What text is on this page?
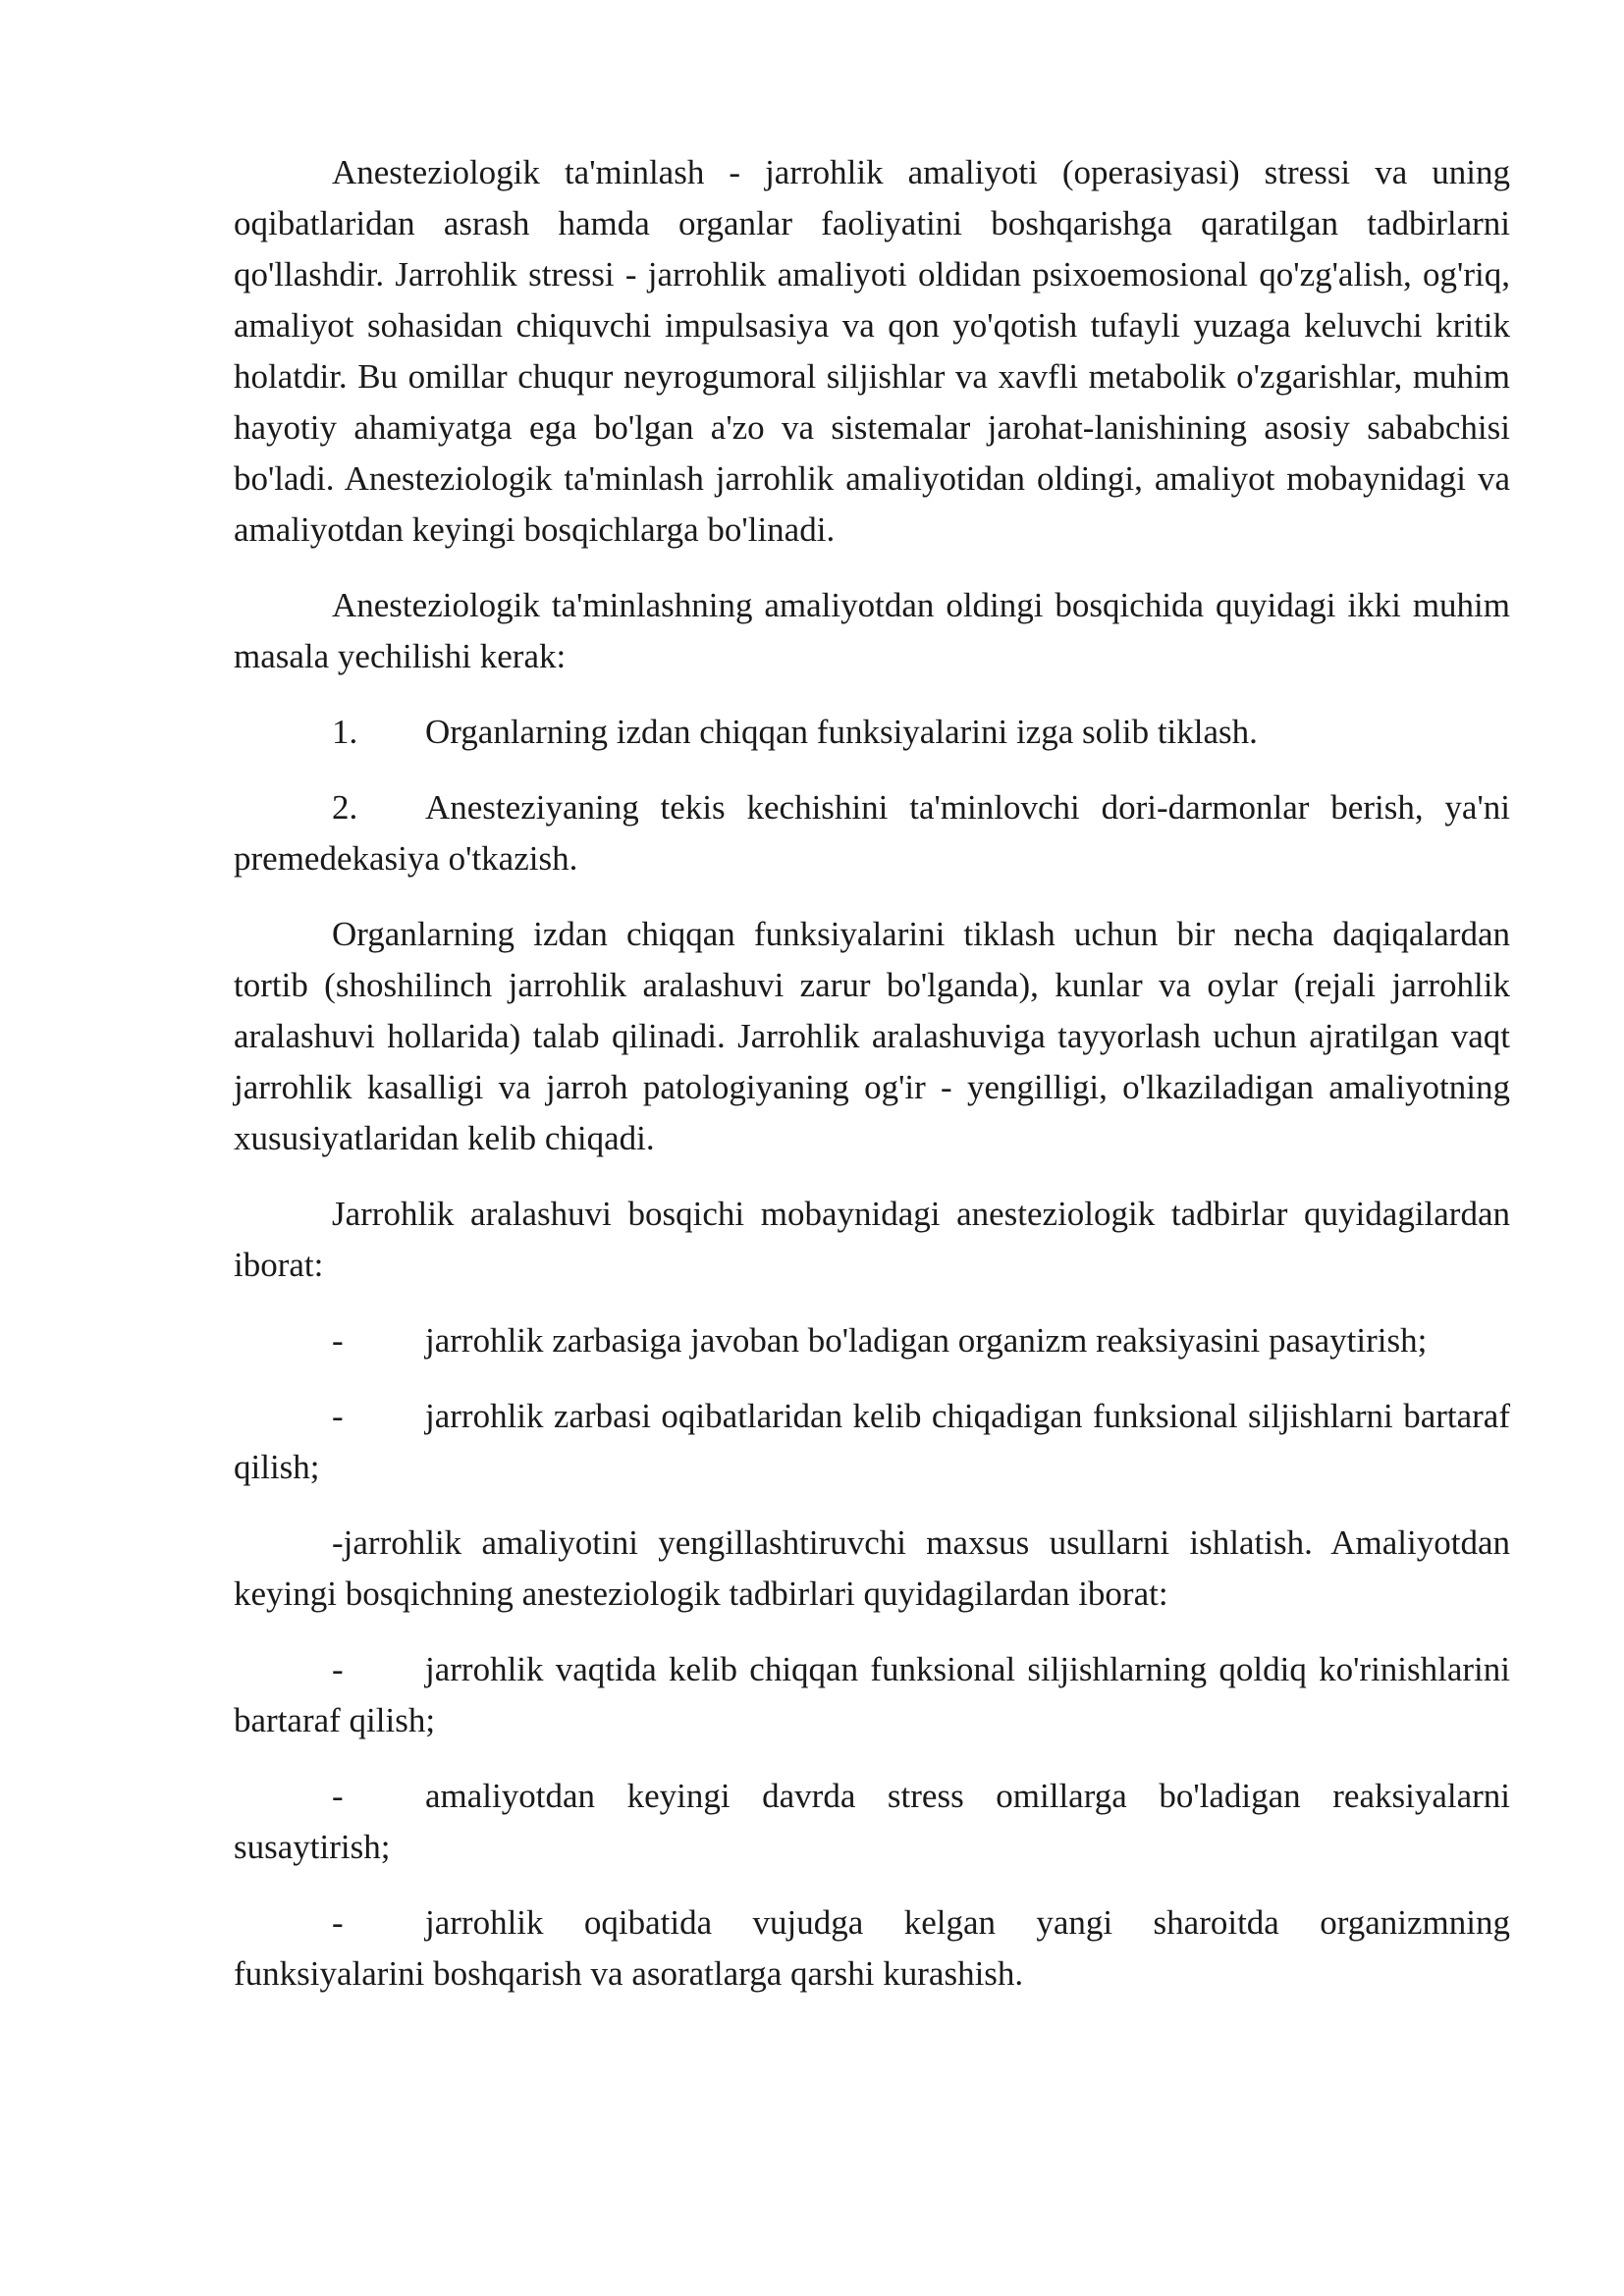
Anesteziologik ta'minlash - jarrohlik amaliyoti (operasiyasi) stressi va uning oqibatlaridan asrash hamda organlar faoliyatini boshqarishga qaratilgan tadbirlarni qo'llashdir. Jarrohlik stressi - jarrohlik amaliyoti oldidan psixoemosional qo'zg'alish, og'riq, amaliyot sohasidan chiquvchi impulsasiya va qon yo'qotish tufayli yuzaga keluvchi kritik holatdir. Bu omillar chuqur neyrogumoral siljishlar va xavfli metabolik o'zgarishlar, muhim hayotiy ahamiyatga ega bo'lgan a'zo va sistemalar jarohat-lanishining asosiy sababchisi bo'ladi. Anesteziologik ta'minlash jarrohlik amaliyotidan oldingi, amaliyot mobaynidagi va amaliyotdan keyingi bosqichlarga bo'linadi.

Anesteziologik ta'minlashning amaliyotdan oldingi bosqichida quyidagi ikki muhim masala yechilishi kerak:

1. Organlarning izdan chiqqan funksiyalarini izga solib tiklash.

2. Anesteziyaning tekis kechishini ta'minlovchi dori-darmonlar berish, ya'ni premedekasiya o'tkazish.

Organlarning izdan chiqqan funksiyalarini tiklash uchun bir necha daqiqalardan tortib (shoshilinch jarrohlik aralashuvi zarur bo'lganda), kunlar va oylar (rejali jarrohlik aralashuvi hollarida) talab qilinadi. Jarrohlik aralashuviga tayyorlash uchun ajratilgan vaqt jarrohlik kasalligi va jarroh patologiyaning og'ir - yengilligi, o'lkaziladigan amaliyotning xususiyatlaridan kelib chiqadi.

Jarrohlik aralashuvi bosqichi mobaynidagi anesteziologik tadbirlar quyidagilardan iborat:

- jarrohlik zarbasiga javoban bo'ladigan organizm reaksiyasini pasaytirish;

- jarrohlik zarbasi oqibatlaridan kelib chiqadigan funksional siljishlarni bartaraf qilish;

-jarrohlik amaliyotini yengillashtiruvchi maxsus usullarni ishlatish. Amaliyotdan keyingi bosqichning anesteziologik tadbirlari quyidagilardan iborat:

- jarrohlik vaqtida kelib chiqqan funksional siljishlarning qoldiq ko'rinishlarini bartaraf qilish;

- amaliyotdan keyingi davrda stress omillarga bo'ladigan reaksiyalarni susaytirish;

- jarrohlik oqibatida vujudga kelgan yangi sharoitda organizmning funksiyalarini boshqarish va asoratlarga qarshi kurashish.
